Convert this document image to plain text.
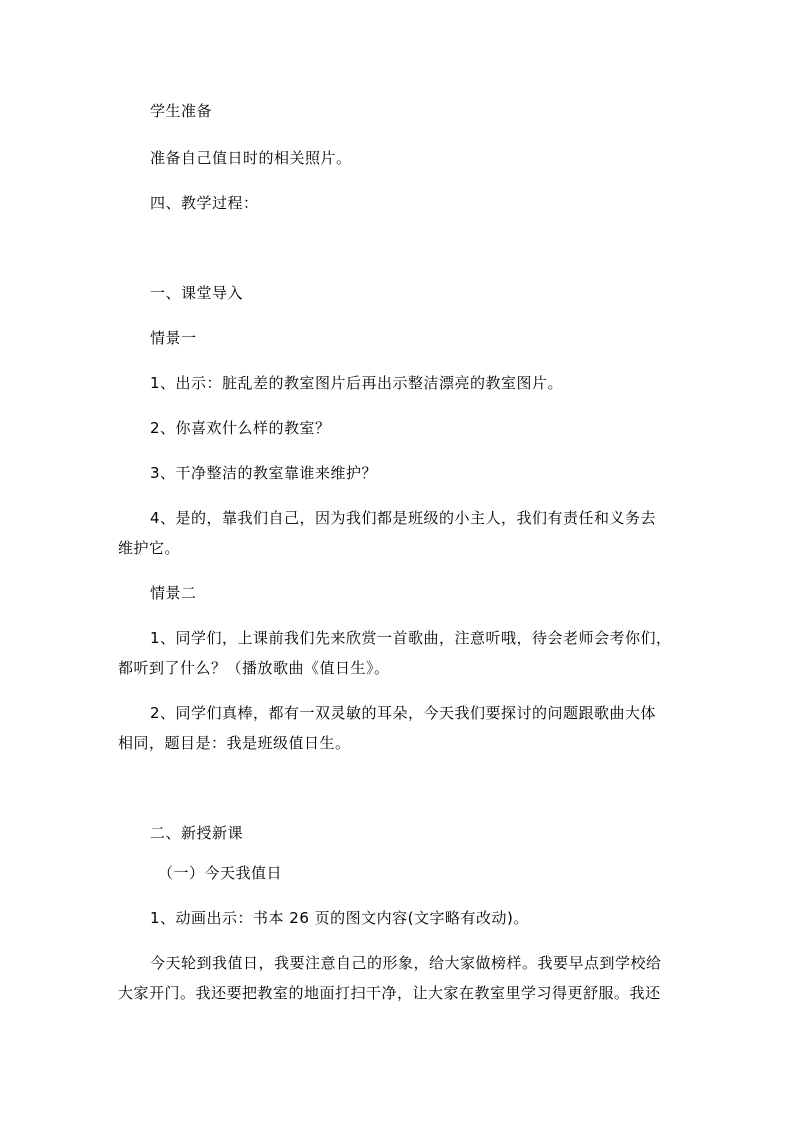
学生准备
准备自己值日时的相关照片。
四、教学过程：
一、课堂导入
情景一
1、出示：脏乱差的教室图片后再出示整洁漂亮的教室图片。
2、你喜欢什么样的教室？
3、干净整洁的教室靠谁来维护？
4、是的，靠我们自己，因为我们都是班级的小主人，我们有责任和义务去
维护它。
情景二
1、同学们，上课前我们先来欣赏一首歌曲，注意听哦，待会老师会考你们，
都听到了什么？（播放歌曲《值日生》。
2、同学们真棒，都有一双灵敏的耳朵，今天我们要探讨的问题跟歌曲大体
相同，题目是：我是班级值日生。
二、新授新课
（一）今天我值日
1、动画出示：书本 26 页的图文内容(文字略有改动)。
今天轮到我值日，我要注意自己的形象，给大家做榜样。我要早点到学校给
大家开门。我还要把教室的地面打扫干净，让大家在教室里学习得更舒服。我还
